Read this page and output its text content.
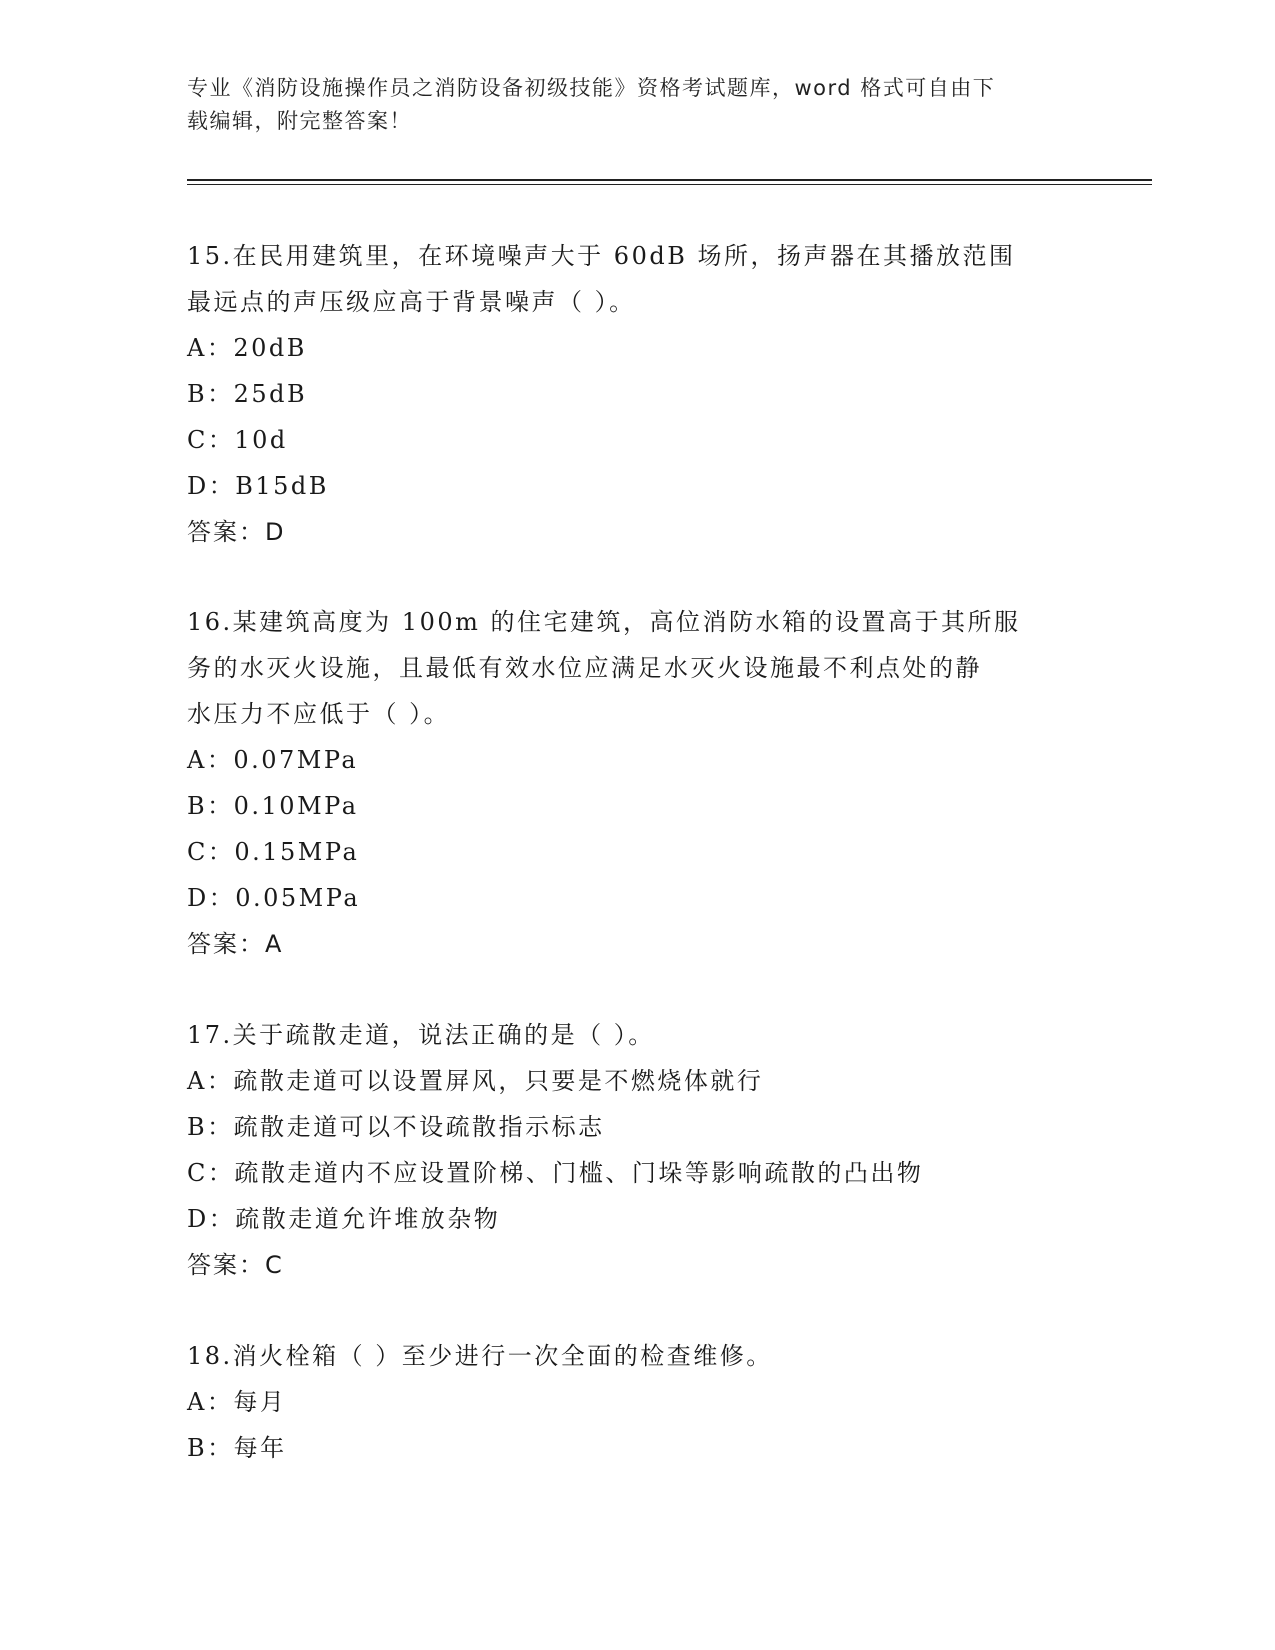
专业《消防设施操作员之消防设备初级技能》资格考试题库，word 格式可自由下
载编辑，附完整答案！
15.在民用建筑里，在环境噪声大于 60dB 场所，扬声器在其播放范围
最远点的声压级应高于背景噪声（ ）。
A：20dB
B：25dB
C：10d
D：B15dB
答案：D
16.某建筑高度为 100m 的住宅建筑，高位消防水箱的设置高于其所服
务的水灭火设施，且最低有效水位应满足水灭火设施最不利点处的静
水压力不应低于（ ）。
A：0.07MPa
B：0.10MPa
C：0.15MPa
D：0.05MPa
答案：A
17.关于疏散走道，说法正确的是（ ）。
A：疏散走道可以设置屏风，只要是不燃烧体就行
B：疏散走道可以不设疏散指示标志
C：疏散走道内不应设置阶梯、门槛、门垛等影响疏散的凸出物
D：疏散走道允许堆放杂物
答案：C
18.消火栓箱（ ）至少进行一次全面的检查维修。
A：每月
B：每年
